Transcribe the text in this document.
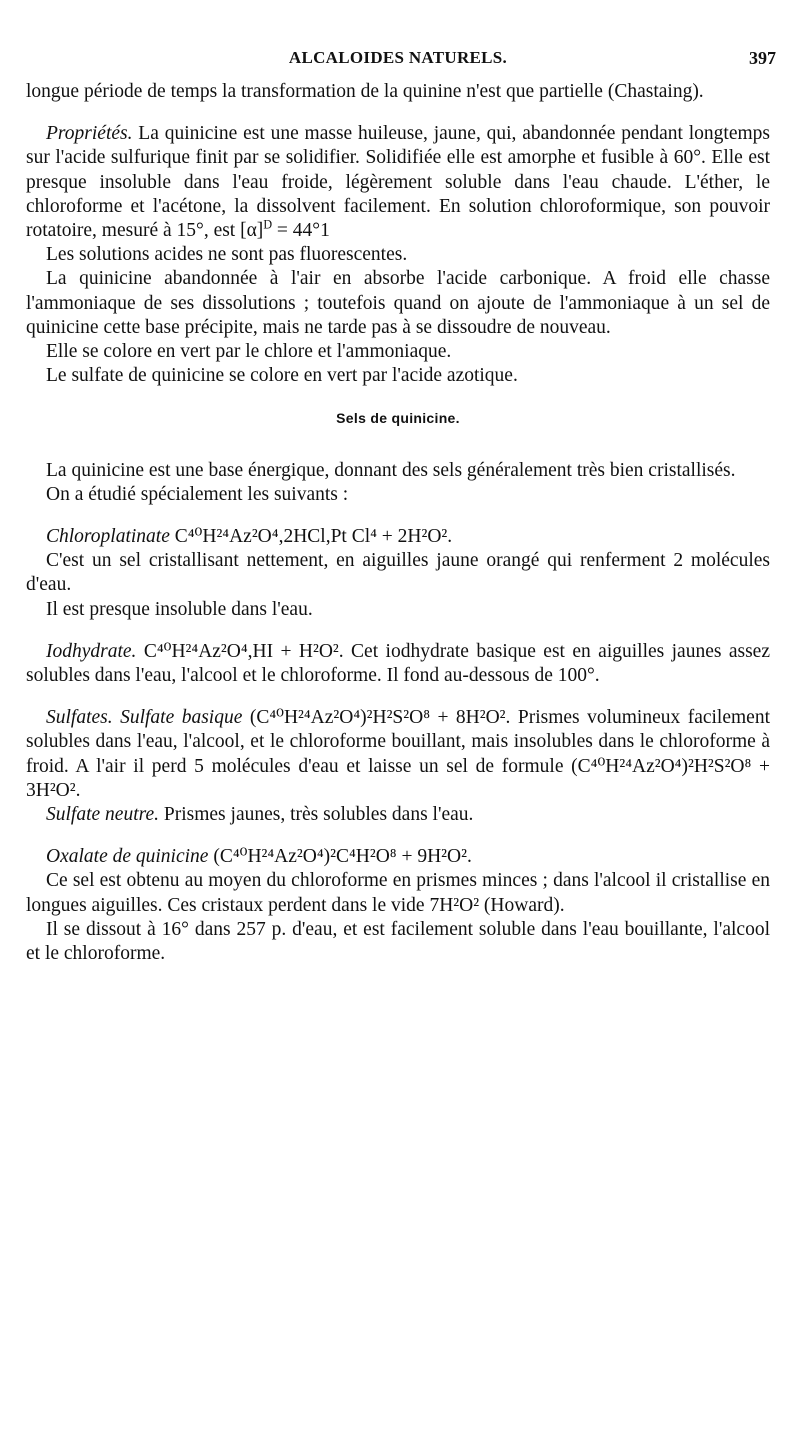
ALCALOIDES NATURELS.	397

longue période de temps la transformation de la quinine n'est que partielle (Chastaing).

Propriétés. La quinicine est une masse huileuse, jaune, qui, abandonnée pendant longtemps sur l'acide sulfurique finit par se solidifier. Solidifiée elle est amorphe et fusible à 60°. Elle est presque insoluble dans l'eau froide, légèrement soluble dans l'eau chaude. L'éther, le chloroforme et l'acétone, la dissolvent facilement. En solution chloroformique, son pouvoir rotatoire, mesuré à 15°, est $[\alpha]^D = 44^\circ 1$

Les solutions acides ne sont pas fluorescentes.

La quinicine abandonnée à l'air en absorbe l'acide carbonique. A froid elle chasse l'ammoniaque de ses dissolutions ; toutefois quand on ajoute de l'ammoniaque à un sel de quinicine cette base précipite, mais ne tarde pas à se dissoudre de nouveau.

Elle se colore en vert par le chlore et l'ammoniaque.

Le sulfate de quinicine se colore en vert par l'acide azotique.

Sels de quinicine.

La quinicine est une base énergique, donnant des sels généralement très bien cristallisés.

On a étudié spécialement les suivants :

Chloroplatinate C⁴⁰H²⁴Az²O⁴,2HCl,Pt Cl⁴ + 2H²O².

C'est un sel cristallisant nettement, en aiguilles jaune orangé qui renferment 2 molécules d'eau.

Il est presque insoluble dans l'eau.

Iodhydrate. C⁴⁰H²⁴Az²O⁴,HI + H²O². Cet iodhydrate basique est en aiguilles jaunes assez solubles dans l'eau, l'alcool et le chloroforme. Il fond au-dessous de 100°.

Sulfates. Sulfate basique (C⁴⁰H²⁴Az²O⁴)²H²S²O⁸ + 8H²O². Prismes volumineux facilement solubles dans l'eau, l'alcool, et le chloroforme bouillant, mais insolubles dans le chloroforme à froid. A l'air il perd 5 molécules d'eau et laisse un sel de formule (C⁴⁰H²⁴Az²O⁴)²H²S²O⁸ + 3H²O².

Sulfate neutre. Prismes jaunes, très solubles dans l'eau.

Oxalate de quinicine (C⁴⁰H²⁴Az²O⁴)²C⁴H²O⁸ + 9H²O².

Ce sel est obtenu au moyen du chloroforme en prismes minces ; dans l'alcool il cristallise en longues aiguilles. Ces cristaux perdent dans le vide 7H²O² (Howard).

Il se dissout à 16° dans 257 p. d'eau, et est facilement soluble dans l'eau bouillante, l'alcool et le chloroforme.
